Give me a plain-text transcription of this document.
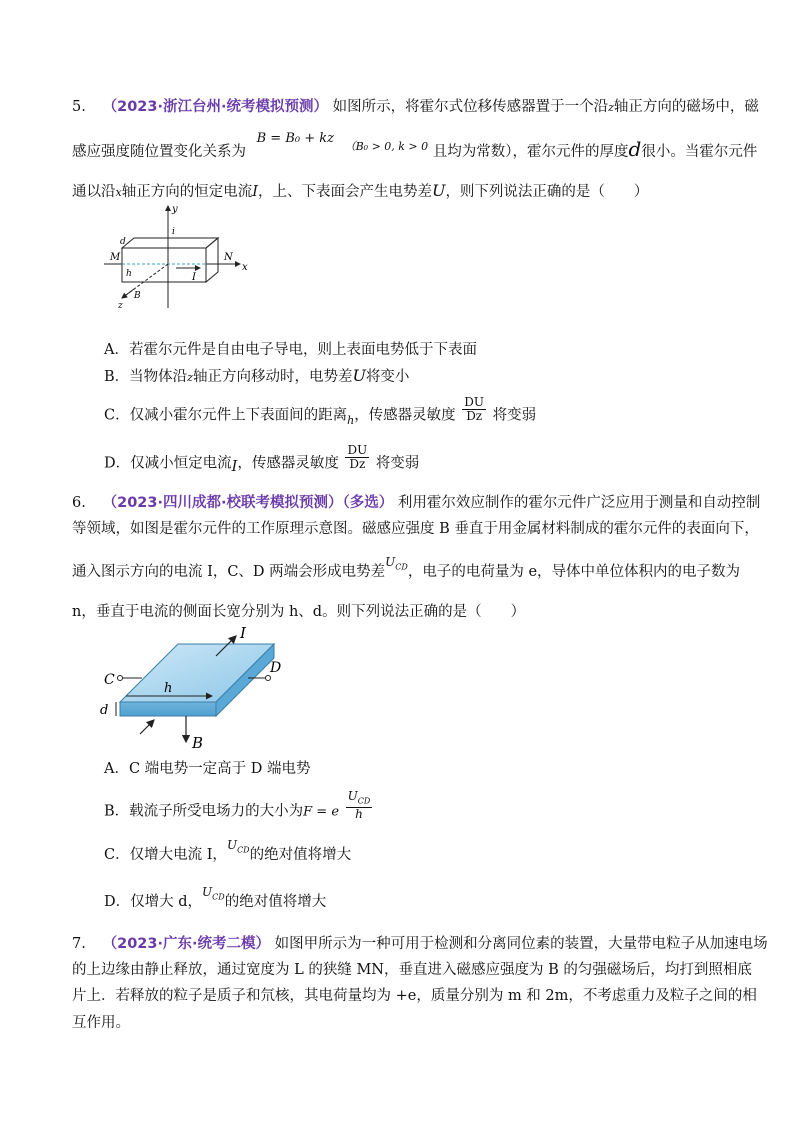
5. （2023·浙江台州·统考模拟预测） 如图所示，将霍尔式位移传感器置于一个沿z轴正方向的磁场中，磁
感应强度随位置变化关系为 B = B₀ + kz $^{(B_0 > 0, k > 0}$ 且均为常数），霍尔元件的厚度d很小。当霍尔元件
通以沿x轴正方向的恒定电流I，上、下表面会产生电势差U，则下列说法正确的是（　　）
y
x
z
d
M	N
h
i
I
B
A．若霍尔元件是自由电子导电，则上表面电势低于下表面
B．当物体沿z轴正方向移动时，电势差U将变小
C．仅减小霍尔元件上下表面间的距离$_h$，传感器灵敏度 $\frac{DU}{Dz}$ 将变弱
D．仅减小恒定电流I，传感器灵敏度 $\frac{DU}{Dz}$ 将变弱
6. （2023·四川成都·校联考模拟预测）（多选） 利用霍尔效应制作的霍尔元件广泛应用于测量和自动控制
等领域，如图是霍尔元件的工作原理示意图。磁感应强度 B 垂直于用金属材料制成的霍尔元件的表面向下，
通入图示方向的电流 I，C、D 两端会形成电势差$^{U_{CD}}$，电子的电荷量为 e，导体中单位体积内的电子数为
n，垂直于电流的侧面长宽分别为 h、d。则下列说法正确的是（　　）
I
C
D
h
d
B
A．C 端电势一定高于 D 端电势
B．载流子所受电场力的大小为F = e $\frac{U_{CD}}{h}$
C．仅增大电流 I，$^{U_{CD}}$的绝对值将增大
D．仅增大 d，$^{U_{CD}}$的绝对值将增大
7. （2023·广东·统考二模） 如图甲所示为一种可用于检测和分离同位素的装置，大量带电粒子从加速电场
的上边缘由静止释放，通过宽度为 L 的狭缝 MN，垂直进入磁感应强度为 B 的匀强磁场后，均打到照相底
片上．若释放的粒子是质子和氘核，其电荷量均为 +e，质量分别为 m 和 2m，不考虑重力及粒子之间的相
互作用。
